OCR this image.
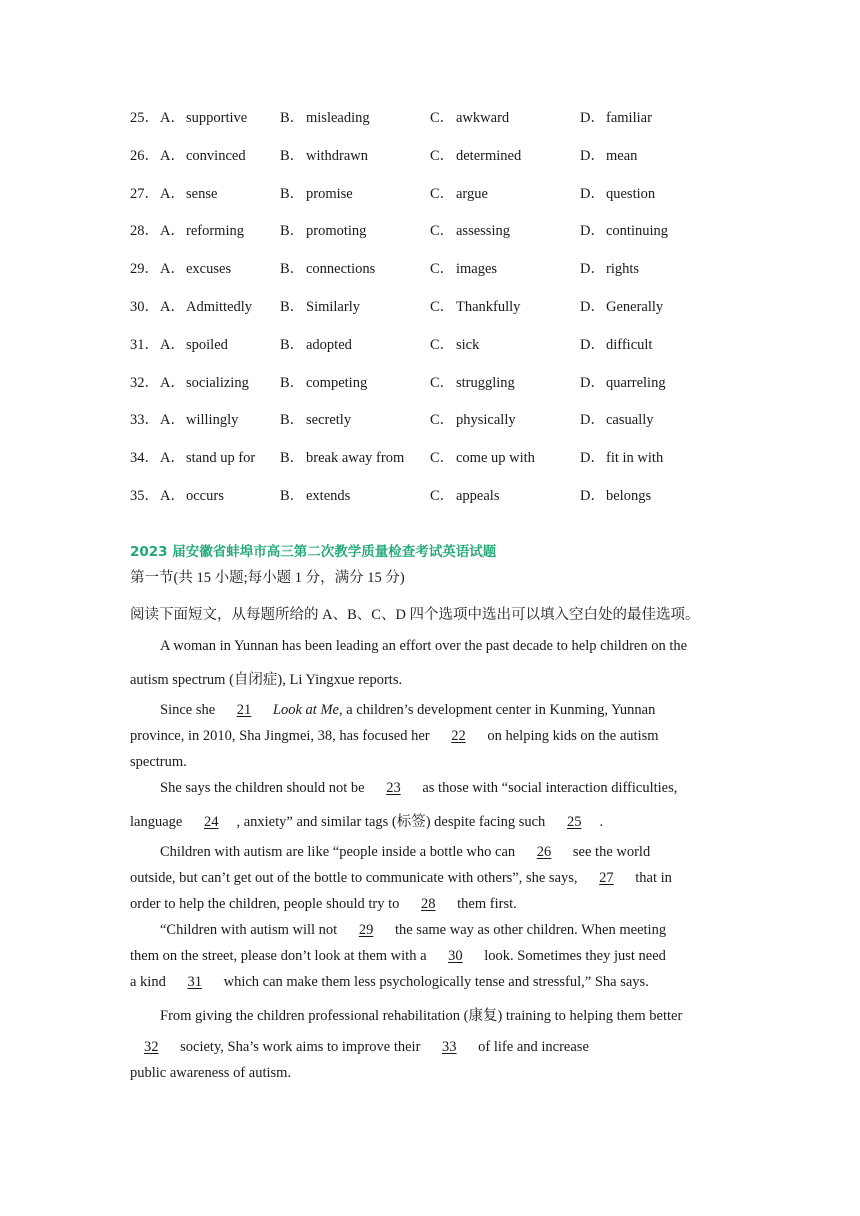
25． A．supportive B． misleading	C． awkward	D．familiar
26． A．convinced B． withdrawn	C． determined	D．mean
27． A．sense	B． promise	C． argue	D．question
28． A．reforming B． promoting	C． assessing	D．continuing
29． A．excuses	B． connections	C． images	D．rights
30． A．Admittedly B． Similarly	C． Thankfully	D．Generally
31． A．spoiled	B． adopted	C． sick	D．difficult
32． A．socializing B． competing	C． struggling	D．quarreling
33． A．willingly	B． secretly	C． physically	D．casually
34． A．stand up for B． break away from C． come up with	D．fit in with
35． A．occurs	B． extends	C． appeals	D．belongs
2023 届安徽省蚌埠市高三第二次教学质量检查考试英语试题
第一节(共 15 小题;每小题 1 分，满分 15 分)
阅读下面短文，从每题所给的 A、B、C、D 四个选项中选出可以填入空白处的最佳选项。
A woman in Yunnan has been leading an effort over the past decade to help children on the
autism spectrum (自闭症), Li Yingxue reports.
Since she 21 Look at Me, a children’s development center in Kunming, Yunnan
province, in 2010, Sha Jingmei, 38, has focused her 22 on helping kids on the autism
spectrum.
She says the children should not be 23 as those with “social interaction difficulties,
language 24 , anxiety” and similar tags (标签) despite facing such 25 .
Children with autism are like “people inside a bottle who can 26 see the world
outside, but can’t get out of the bottle to communicate with others”, she says, 27 that in
order to help the children, people should try to 28 them first.
“Children with autism will not 29 the same way as other children. When meeting
them on the street, please don’t look at them with a 30 look. Sometimes they just need
a kind 31 which can make them less psychologically tense and stressful,” Sha says.
From giving the children professional rehabilitation (康复) training to helping them better
32 society, Sha’s work aims to improve their 33 of life and increase
public awareness of autism.
